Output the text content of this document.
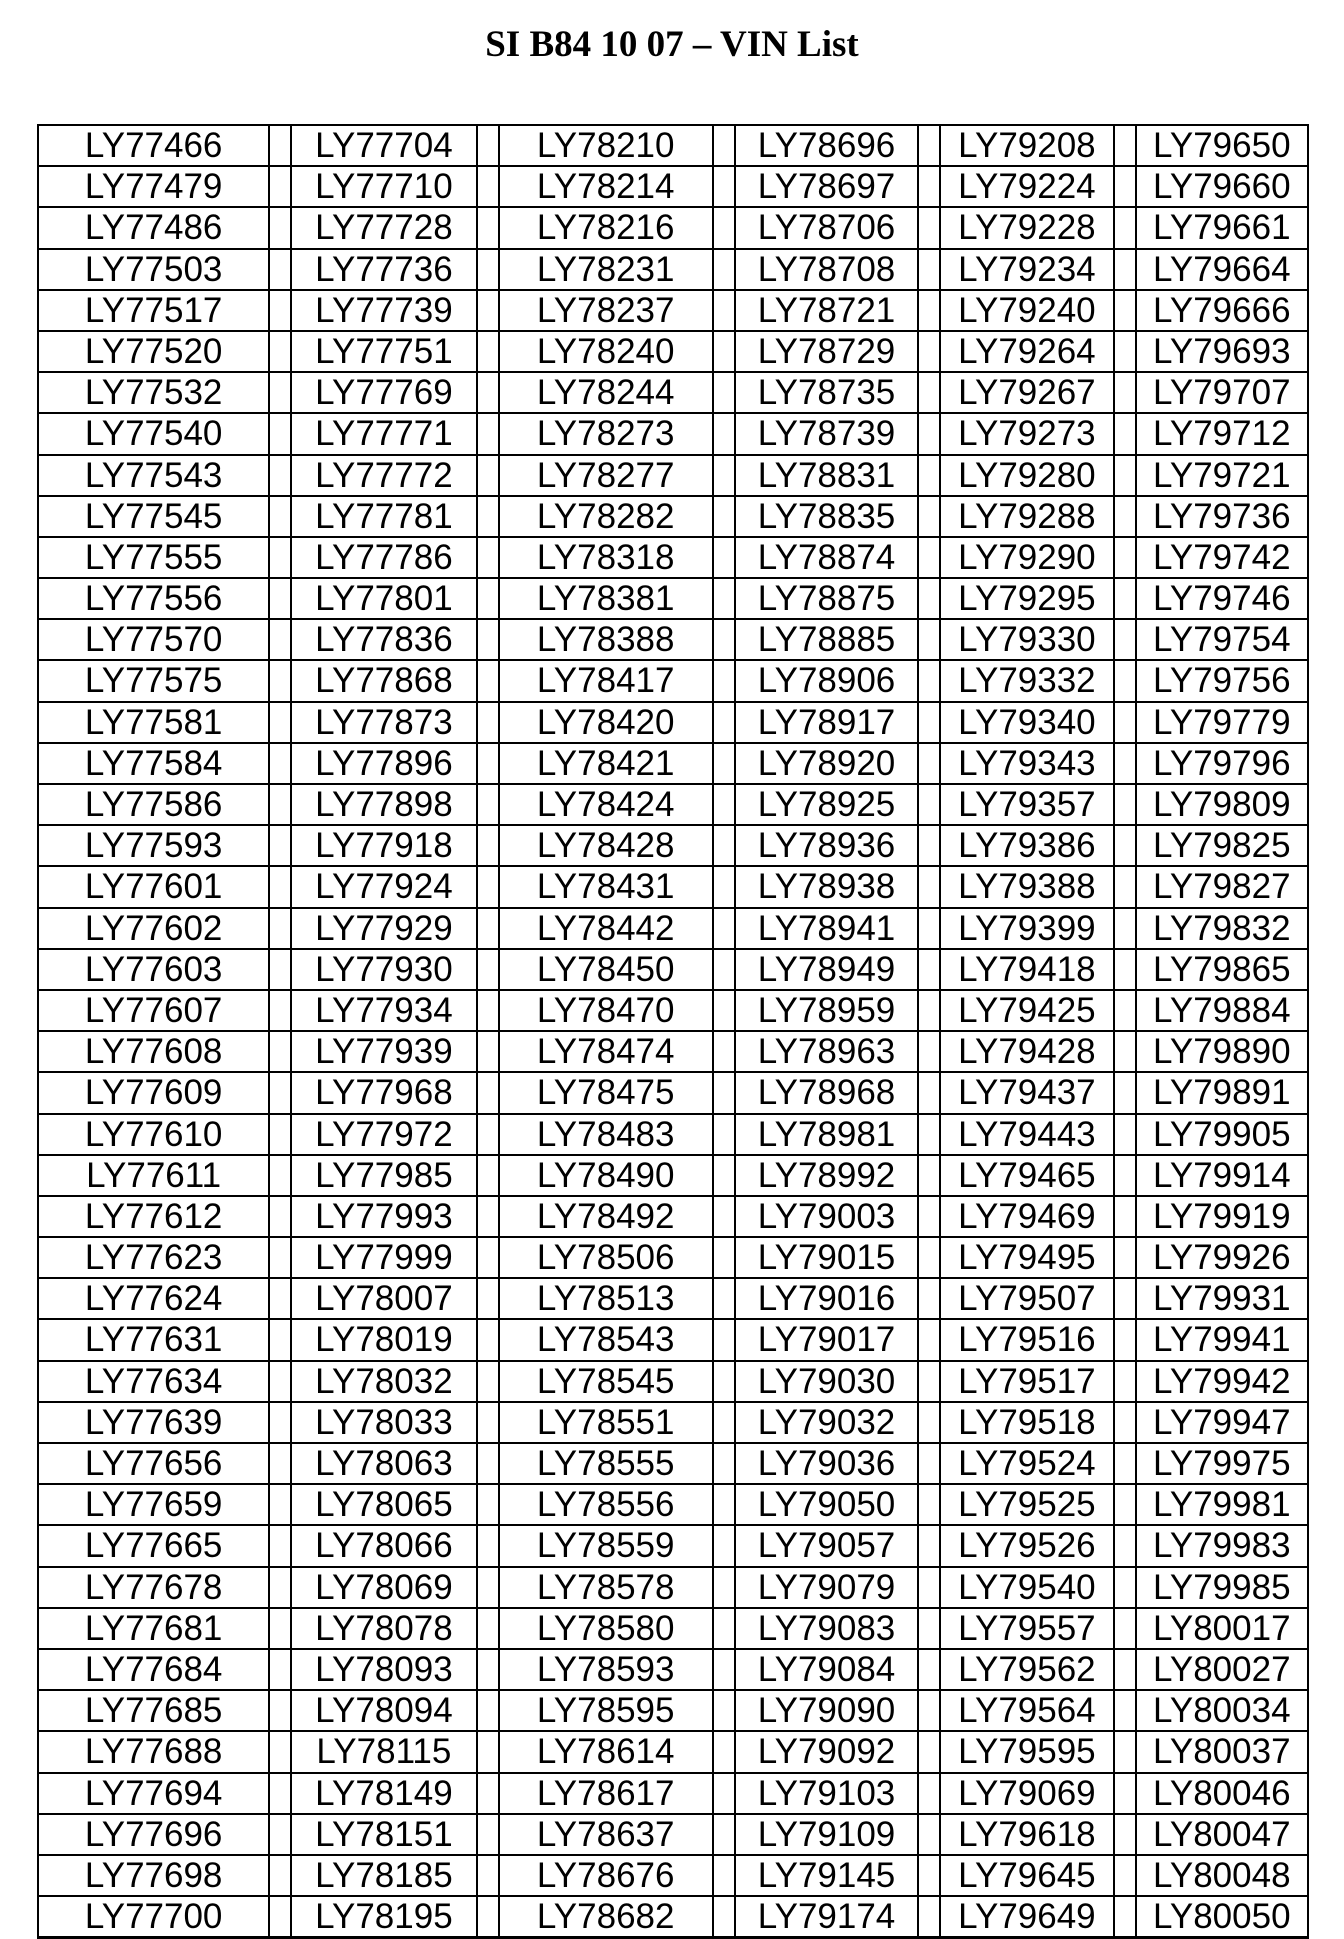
SI B84 10 07 – VIN List
LY77466	LY77704	LY78210	LY78696	LY79208	LY79650
LY77479	LY77710	LY78214	LY78697	LY79224	LY79660
LY77486	LY77728	LY78216	LY78706	LY79228	LY79661
LY77503	LY77736	LY78231	LY78708	LY79234	LY79664
LY77517	LY77739	LY78237	LY78721	LY79240	LY79666
LY77520	LY77751	LY78240	LY78729	LY79264	LY79693
LY77532	LY77769	LY78244	LY78735	LY79267	LY79707
LY77540	LY77771	LY78273	LY78739	LY79273	LY79712
LY77543	LY77772	LY78277	LY78831	LY79280	LY79721
LY77545	LY77781	LY78282	LY78835	LY79288	LY79736
LY77555	LY77786	LY78318	LY78874	LY79290	LY79742
LY77556	LY77801	LY78381	LY78875	LY79295	LY79746
LY77570	LY77836	LY78388	LY78885	LY79330	LY79754
LY77575	LY77868	LY78417	LY78906	LY79332	LY79756
LY77581	LY77873	LY78420	LY78917	LY79340	LY79779
LY77584	LY77896	LY78421	LY78920	LY79343	LY79796
LY77586	LY77898	LY78424	LY78925	LY79357	LY79809
LY77593	LY77918	LY78428	LY78936	LY79386	LY79825
LY77601	LY77924	LY78431	LY78938	LY79388	LY79827
LY77602	LY77929	LY78442	LY78941	LY79399	LY79832
LY77603	LY77930	LY78450	LY78949	LY79418	LY79865
LY77607	LY77934	LY78470	LY78959	LY79425	LY79884
LY77608	LY77939	LY78474	LY78963	LY79428	LY79890
LY77609	LY77968	LY78475	LY78968	LY79437	LY79891
LY77610	LY77972	LY78483	LY78981	LY79443	LY79905
LY77611	LY77985	LY78490	LY78992	LY79465	LY79914
LY77612	LY77993	LY78492	LY79003	LY79469	LY79919
LY77623	LY77999	LY78506	LY79015	LY79495	LY79926
LY77624	LY78007	LY78513	LY79016	LY79507	LY79931
LY77631	LY78019	LY78543	LY79017	LY79516	LY79941
LY77634	LY78032	LY78545	LY79030	LY79517	LY79942
LY77639	LY78033	LY78551	LY79032	LY79518	LY79947
LY77656	LY78063	LY78555	LY79036	LY79524	LY79975
LY77659	LY78065	LY78556	LY79050	LY79525	LY79981
LY77665	LY78066	LY78559	LY79057	LY79526	LY79983
LY77678	LY78069	LY78578	LY79079	LY79540	LY79985
LY77681	LY78078	LY78580	LY79083	LY79557	LY80017
LY77684	LY78093	LY78593	LY79084	LY79562	LY80027
LY77685	LY78094	LY78595	LY79090	LY79564	LY80034
LY77688	LY78115	LY78614	LY79092	LY79595	LY80037
LY77694	LY78149	LY78617	LY79103	LY79069	LY80046
LY77696	LY78151	LY78637	LY79109	LY79618	LY80047
LY77698	LY78185	LY78676	LY79145	LY79645	LY80048
LY77700	LY78195	LY78682	LY79174	LY79649	LY80050
